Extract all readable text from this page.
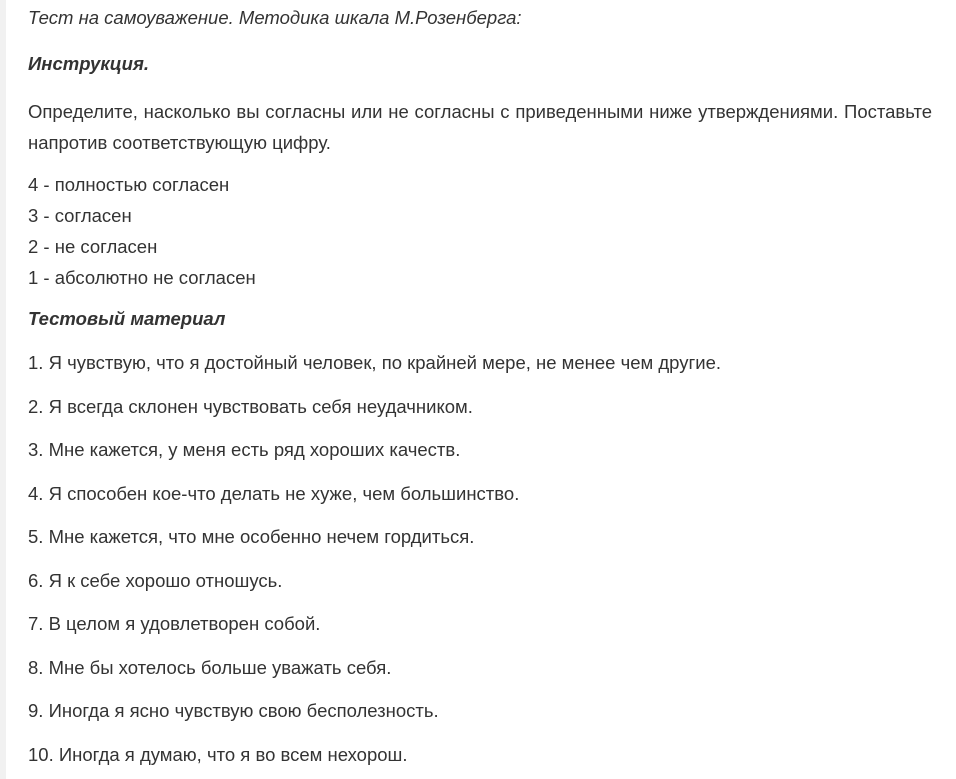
Тест на самоуважение. Методика шкала М.Розенберга:
Инструкция.
Определите, насколько вы согласны или не согласны с приведенными ниже утверждениями. Поставьте напротив соответствующую цифру.
4 - полностью согласен
3 - согласен
2 - не согласен
1 - абсолютно не согласен
Тестовый материал
1. Я чувствую, что я достойный человек, по крайней мере, не менее чем другие.
2. Я всегда склонен чувствовать себя неудачником.
3. Мне кажется, у меня есть ряд хороших качеств.
4. Я способен кое-что делать не хуже, чем большинство.
5. Мне кажется, что мне особенно нечем гордиться.
6. Я к себе хорошо отношусь.
7. В целом я удовлетворен собой.
8. Мне бы хотелось больше уважать себя.
9. Иногда я ясно чувствую свою бесполезность.
10. Иногда я думаю, что я во всем нехорош.
